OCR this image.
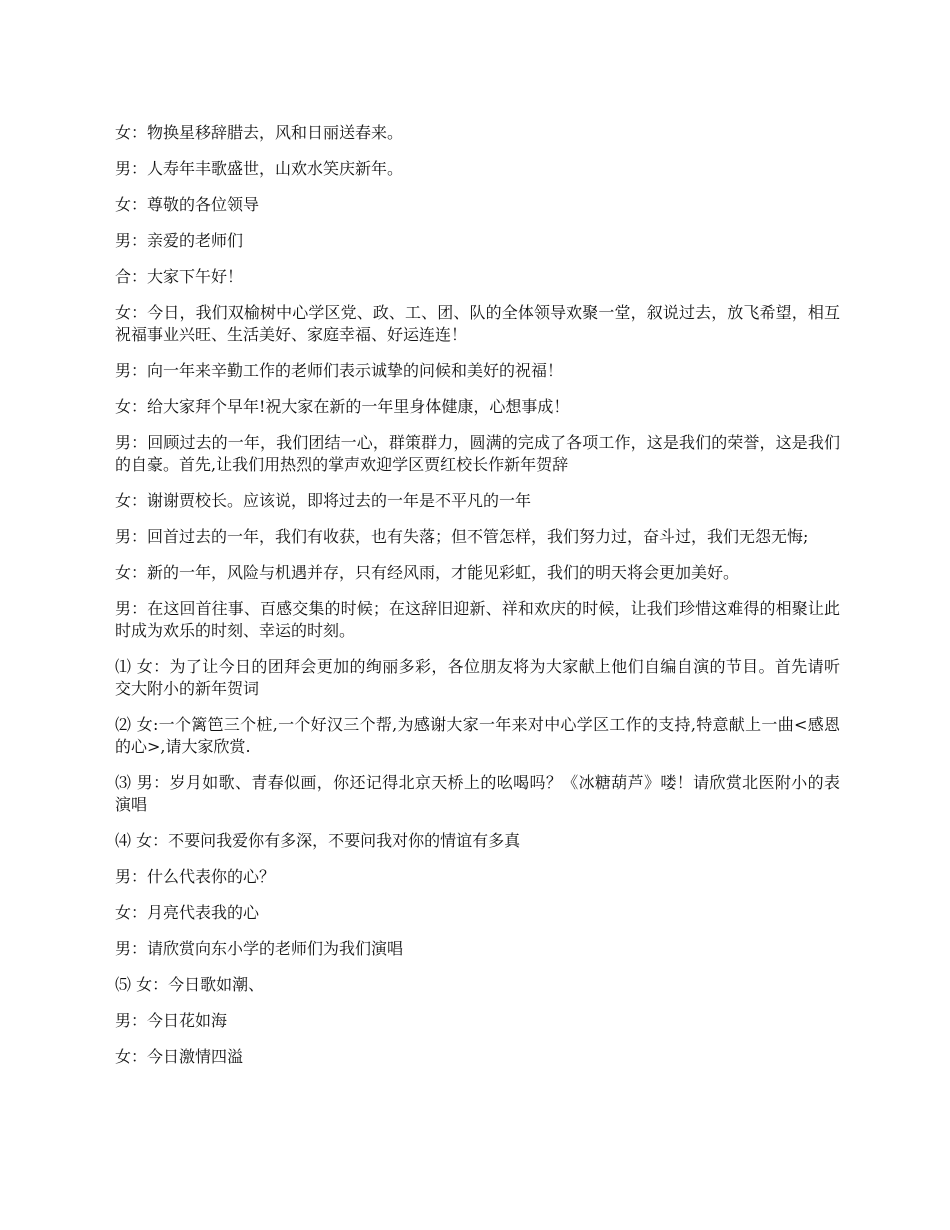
女：物换星移辞腊去，风和日丽送春来。

男：人寿年丰歌盛世，山欢水笑庆新年。

女：尊敬的各位领导

男：亲爱的老师们

合：大家下午好！

女：今日，我们双榆树中心学区党、政、工、团、队的全体领导欢聚一堂，叙说过去，放飞希望，相互祝福事业兴旺、生活美好、家庭幸福、好运连连！

男：向一年来辛勤工作的老师们表示诚挚的问候和美好的祝福！

女：给大家拜个早年!祝大家在新的一年里身体健康，心想事成！

男：回顾过去的一年，我们团结一心，群策群力，圆满的完成了各项工作，这是我们的荣誉，这是我们的自豪。首先,让我们用热烈的掌声欢迎学区贾红校长作新年贺辞

女：谢谢贾校长。应该说，即将过去的一年是不平凡的一年

男：回首过去的一年，我们有收获，也有失落；但不管怎样，我们努力过，奋斗过，我们无怨无悔;

女：新的一年，风险与机遇并存，只有经风雨，才能见彩虹，我们的明天将会更加美好。

男：在这回首往事、百感交集的时候；在这辞旧迎新、祥和欢庆的时候，让我们珍惜这难得的相聚让此时成为欢乐的时刻、幸运的时刻。

⑴ 女：为了让今日的团拜会更加的绚丽多彩，各位朋友将为大家献上他们自编自演的节目。首先请听交大附小的新年贺词

⑵ 女:一个篱笆三个桩,一个好汉三个帮,为感谢大家一年来对中心学区工作的支持,特意献上一曲<感恩的心>,请大家欣赏.

⑶ 男：岁月如歌、青春似画，你还记得北京天桥上的吆喝吗？《冰糖葫芦》喽！请欣赏北医附小的表演唱

⑷ 女：不要问我爱你有多深，不要问我对你的情谊有多真

男：什么代表你的心？

女：月亮代表我的心

男：请欣赏向东小学的老师们为我们演唱

⑸ 女：今日歌如潮、

男：今日花如海

女：今日激情四溢
